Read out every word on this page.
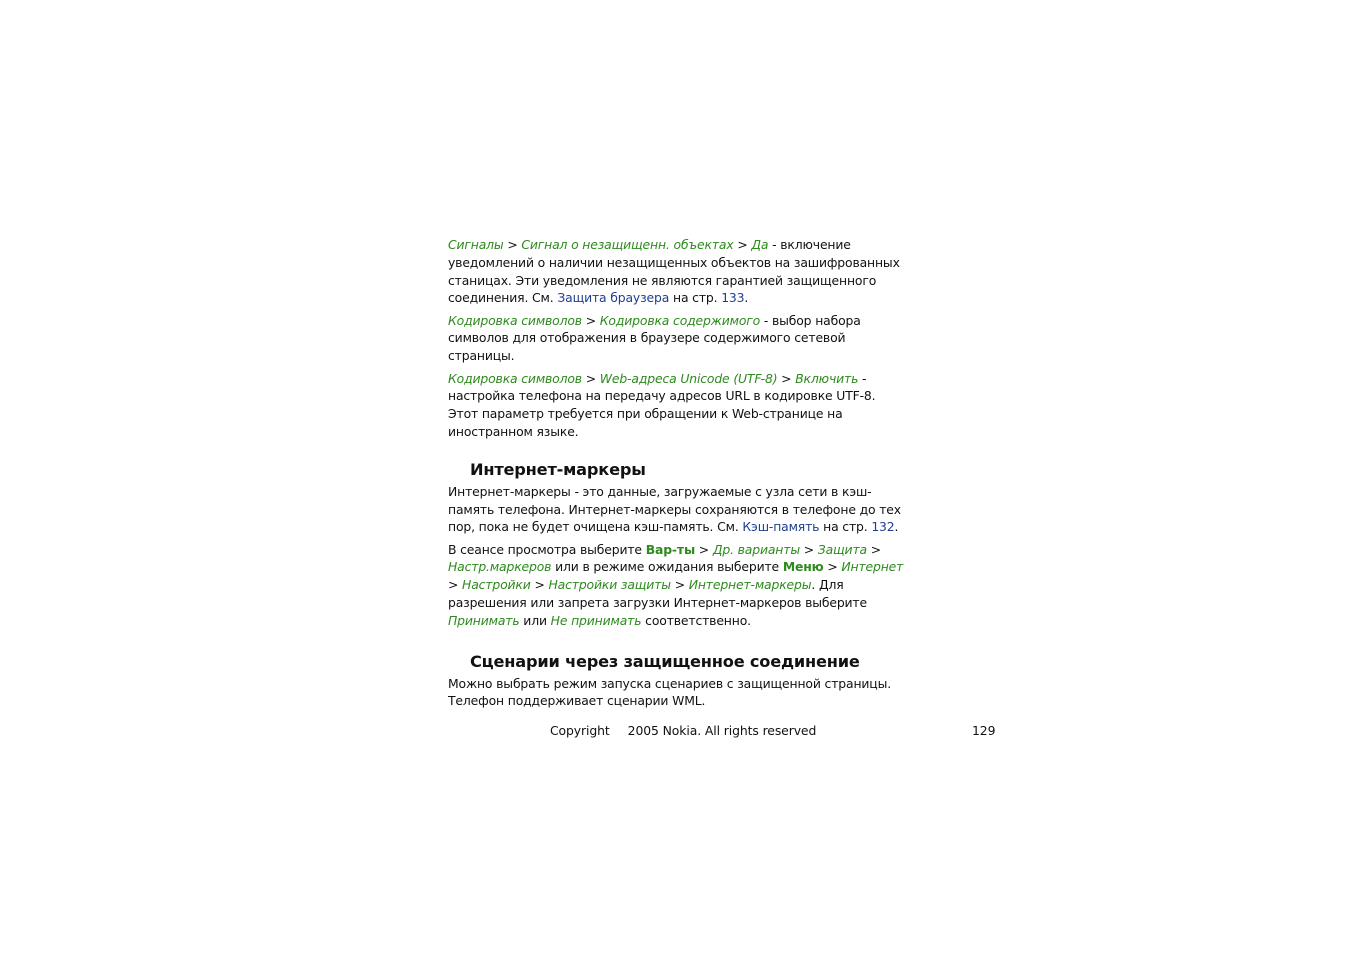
Сигналы > Сигнал о незащищенн. объектах > Да - включение уведомлений о наличии незащищенных объектов на зашифрованных станицах. Эти уведомления не являются гарантией защищенного соединения. См. Защита браузера на стр. 133.

Кодировка символов > Кодировка содержимого - выбор набора символов для отображения в браузере содержимого сетевой страницы.

Кодировка символов > Web-адреса Unicode (UTF-8) > Включить - настройка телефона на передачу адресов URL в кодировке UTF-8. Этот параметр требуется при обращении к Web-странице на иностранном языке.

Интернет-маркеры

Интернет-маркеры - это данные, загружаемые с узла сети в кэш-память телефона. Интернет-маркеры сохраняются в телефоне до тех пор, пока не будет очищена кэш-память. См. Кэш-память на стр. 132.

В сеансе просмотра выберите Вар-ты > Др. варианты > Защита > Настр.маркеров или в режиме ожидания выберите Меню > Интернет > Настройки > Настройки защиты > Интернет-маркеры. Для разрешения или запрета загрузки Интернет-маркеров выберите Принимать или Не принимать соответственно.

Сценарии через защищенное соединение

Можно выбрать режим запуска сценариев с защищенной страницы. Телефон поддерживает сценарии WML.

Copyright 2005 Nokia. All rights reserved	129
